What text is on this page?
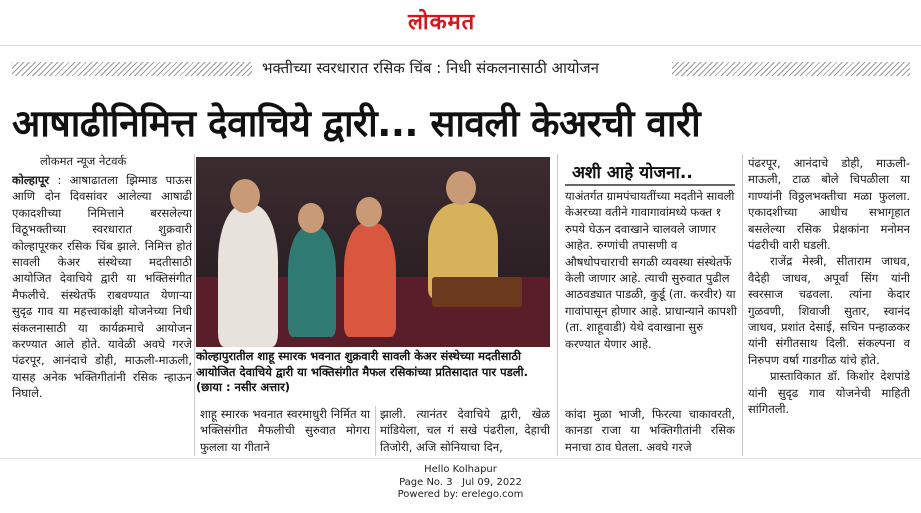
लोकमत
भक्तीच्या स्वरधारात रसिक चिंब : निधी संकलनासाठी आयोजन
आषाढीनिमित्त देवाचिये द्वारी... सावली केअरची वारी
लोकमत न्यूज नेटवर्क

कोल्हापूर : आषाढातला झिम्माड पाऊस आणि दोन दिवसांवर आलेल्या आषाढी एकादशीच्या निमित्ताने बरसलेल्या विठूभक्तीच्या स्वरधारात शुक्रवारी कोल्हापूरकर रसिक चिंब झाले. निमित्त होतं सावली केअर संस्थेच्या मदतीसाठी आयोजित देवाचिये द्वारी या भक्तिसंगीत मैफलीचे. संस्थेतर्फे राबवण्यात येणाऱ्या सुदृढ गाव या महत्त्वाकांक्षी योजनेच्या निधी संकलनासाठी या कार्यक्रमाचे आयोजन करण्यात आले होते. यावेळी अवघे गरजे पंढरपूर, आनंदाचे डोही, माऊली-माऊली, यासह अनेक भक्तिगीतांनी रसिक न्हाऊन निघाले.

कोल्हापुरातील शाहू स्मारक भवनात शुक्रवारी सावली केअर संस्थेच्या मदतीसाठी आयोजित देवाचिये द्वारी या भक्तिसंगीत मैफल रसिकांच्या प्रतिसादात पार पडली. (छाया : नसीर अत्तार)
शाहू स्मारक भवनात स्वरमाधुरी निर्मित या भक्तिसंगीत मैफलीची सुरुवात मोगरा फुलला या गीताने
झाली. त्यानंतर देवाचिये द्वारी, खेळ मांडियेला, चल गं सखे पंढरीला, देहाची तिजोरी, अजि सोनियाचा दिन,
अशी आहे योजना..
याअंतर्गत ग्रामपंचायतींच्या मदतीने सावली केअरच्या वतीने गावागावांमध्ये फक्त १ रुपये घेऊन दवाखाने चालवले जाणार आहेत. रुग्णांची तपासणी व औषधोपचाराची सगळी व्यवस्था संस्थेतर्फे केली जाणार आहे. त्याची सुरुवात पुढील आठवड्यात पाडळी, कुर्डू (ता. करवीर) या गावांपासून होणार आहे. प्राधान्याने कापशी (ता. शाहूवाडी) येथे दवाखाना सुरु करण्यात येणार आहे.
कांदा मुळा भाजी, फिरत्या चाकावरती, कानडा राजा या भक्तिगीतांनी रसिक मनाचा ठाव घेतला. अवघे गरजे

पंढरपूर, आनंदाचे डोही, माऊली-माऊली, टाळ बोले चिपळीला या गाण्यांनी विठ्ठलभक्तीचा मळा फुलला. एकादशीच्या आधीच सभागृहात बसलेल्या रसिक प्रेक्षकांना मनोमन पंढरीची वारी घडली.

राजेंद्र मेस्त्री, सीताराम जाधव, वैदेही जाधव, अपूर्वा सिंग यांनी स्वरसाज चढवला. त्यांना केदार गुळवणी, शिवाजी सुतार, स्वानंद जाधव, प्रशांत देसाई, सचिन पन्हाळकर यांनी संगीतसाथ दिली. संकल्पना व निरुपण वर्षा गाडगीळ यांचे होते.

प्रास्ताविकात डॉ. किशोर देशपांडे यांनी सुदृढ गाव योजनेची माहिती सांगितली.

Hello Kolhapur
Page No. 3 Jul 09, 2022
Powered by: erelego.com
